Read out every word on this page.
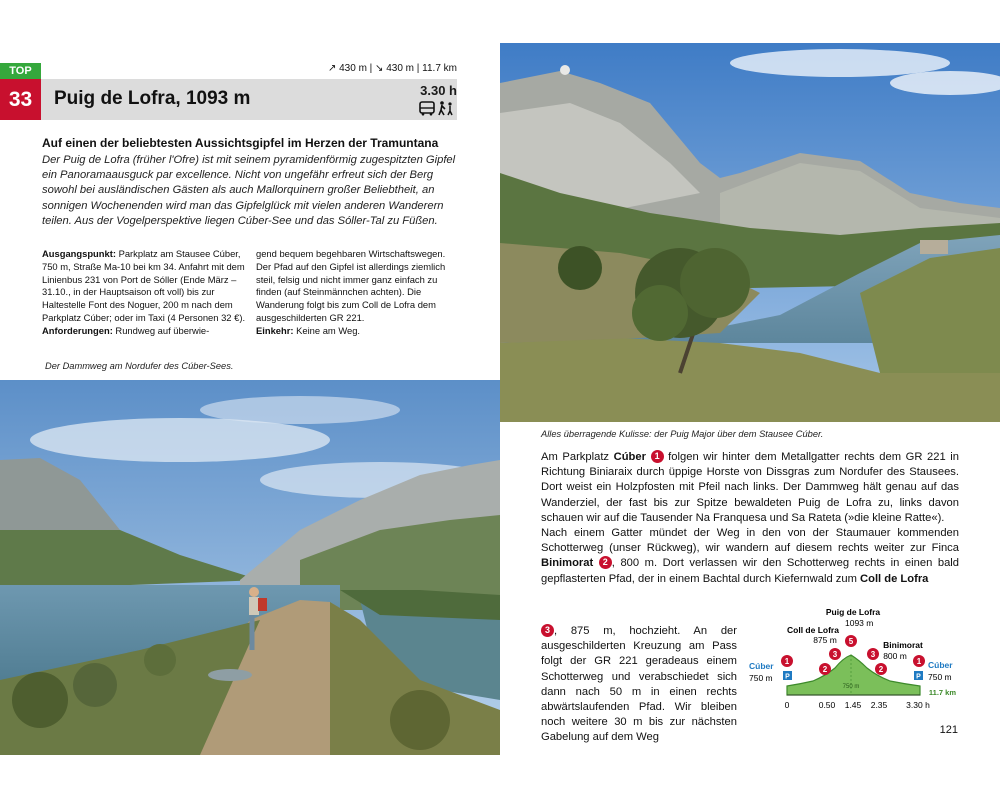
TOP
33	Puig de Lofra, 1093 m
↗ 430 m | ↘ 430 m | 11.7 km
3.30 h
Auf einen der beliebtesten Aussichtsgipfel im Herzen der Tramuntana
Der Puig de Lofra (früher l'Ofre) ist mit seinem pyramidenförmig zugespitzten Gipfel ein Panoramaausguck par excellence. Nicht von ungefähr erfreut sich der Berg sowohl bei ausländischen Gästen als auch Mallorquinern großer Beliebtheit, an sonnigen Wochenenden wird man das Gipfelglück mit vielen anderen Wanderern teilen. Aus der Vogelperspektive liegen Cúber-See und das Sóller-Tal zu Füßen.
Ausgangspunkt: Parkplatz am Stausee Cúber, 750 m, Straße Ma-10 bei km 34. Anfahrt mit dem Linienbus 231 von Port de Sóller (Ende März – 31.10., in der Hauptsaison oft voll) bis zur Haltestelle Font des Noguer, 200 m nach dem Parkplatz Cúber; oder im Taxi (4 Personen 32 €).
Anforderungen: Rundweg auf überwie-
gend bequem begehbaren Wirtschaftswegen. Der Pfad auf den Gipfel ist allerdings ziemlich steil, felsig und nicht immer ganz einfach zu finden (auf Steinmännchen achten). Die Wanderung folgt bis zum Coll de Lofra dem ausgeschilderten GR 221.
Einkehr: Keine am Weg.
Der Dammweg am Nordufer des Cúber-Sees.
Alles überragende Kulisse: der Puig Major über dem Stausee Cúber.

Am Parkplatz Cúber 1 folgen wir hinter dem Metallgatter rechts dem GR 221 in Richtung Biniaraix durch üppige Horste von Dissgras zum Nordufer des Stausees. Dort weist ein Holzpfosten mit Pfeil nach links. Der Dammweg hält genau auf das Wanderziel, der fast bis zur Spitze bewaldeten Puig de Lofra zu, links davon schauen wir auf die Tausender Na Franquesa und Sa Rateta (»die kleine Ratte«).

Nach einem Gatter mündet der Weg in den von der Staumauer kommenden Schotterweg (unser Rückweg), wir wandern auf diesem rechts weiter zur Finca Binimorat 2 , 800 m. Dort verlassen wir den Schotterweg rechts in einen bald gepflasterten Pfad, der in einem Bachtal durch Kiefernwald zum Coll de Lofra

3 , 875 m, hochzieht. An der ausgeschilderten Kreuzung am Pass folgt der GR 221 geradeaus einem Schotterweg und verabschiedet sich dann nach 50 m in einen rechts abwärtslaufenden Pfad. Wir bleiben noch weitere 30 m bis zur nächsten Gabelung auf dem Weg

750 m
P	P
1
2
3
5
3
2
1
Puig de Lofra
1093 m
Coll de Lofra
875 m	Binimorat
800 m
Cúber
750 m
Cúber
750 m
11.7 km
0	0.50 1.45 2.35 3.30 h
121
